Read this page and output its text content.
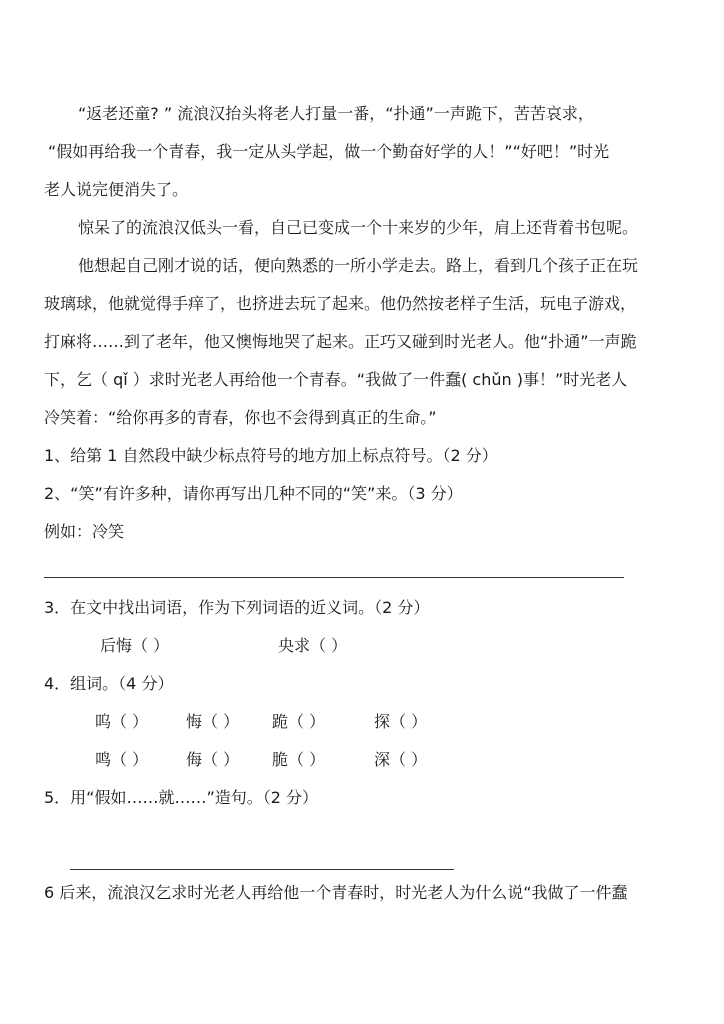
“返老还童? ” 流浪汉抬头将老人打量一番，“扑通”一声跪下，苦苦哀求，
“假如再给我一个青春，我一定从头学起，做一个勤奋好学的人！”“好吧！”时光
老人说完便消失了。
惊呆了的流浪汉低头一看，自己已变成一个十来岁的少年，肩上还背着书包呢。
他想起自己刚才说的话，便向熟悉的一所小学走去。路上，看到几个孩子正在玩
玻璃球，他就觉得手痒了，也挤进去玩了起来。他仍然按老样子生活，玩电子游戏，
打麻将……到了老年，他又懊悔地哭了起来。正巧又碰到时光老人。他“扑通”一声跪
下，乞（ qǐ ）求时光老人再给他一个青春。“我做了一件蠢( chǔn )事！”时光老人
冷笑着：“给你再多的青春，你也不会得到真正的生命。”
1、给第 1 自然段中缺少标点符号的地方加上标点符号。（2 分）
2、“笑”有许多种，请你再写出几种不同的“笑”来。（3 分）
例如：冷笑
3．在文中找出词语，作为下列词语的近义词。（2 分）
后悔（ ）	央求（ ）
4．组词。（4 分）
呜（ ） 悔（ ） 跪（ ）	探（ ）
鸣（ ） 侮（ ） 脆（ ）	深（ ）
5．用“假如……就……”造句。（2 分）
6 后来，流浪汉乞求时光老人再给他一个青春时，时光老人为什么说“我做了一件蠢
